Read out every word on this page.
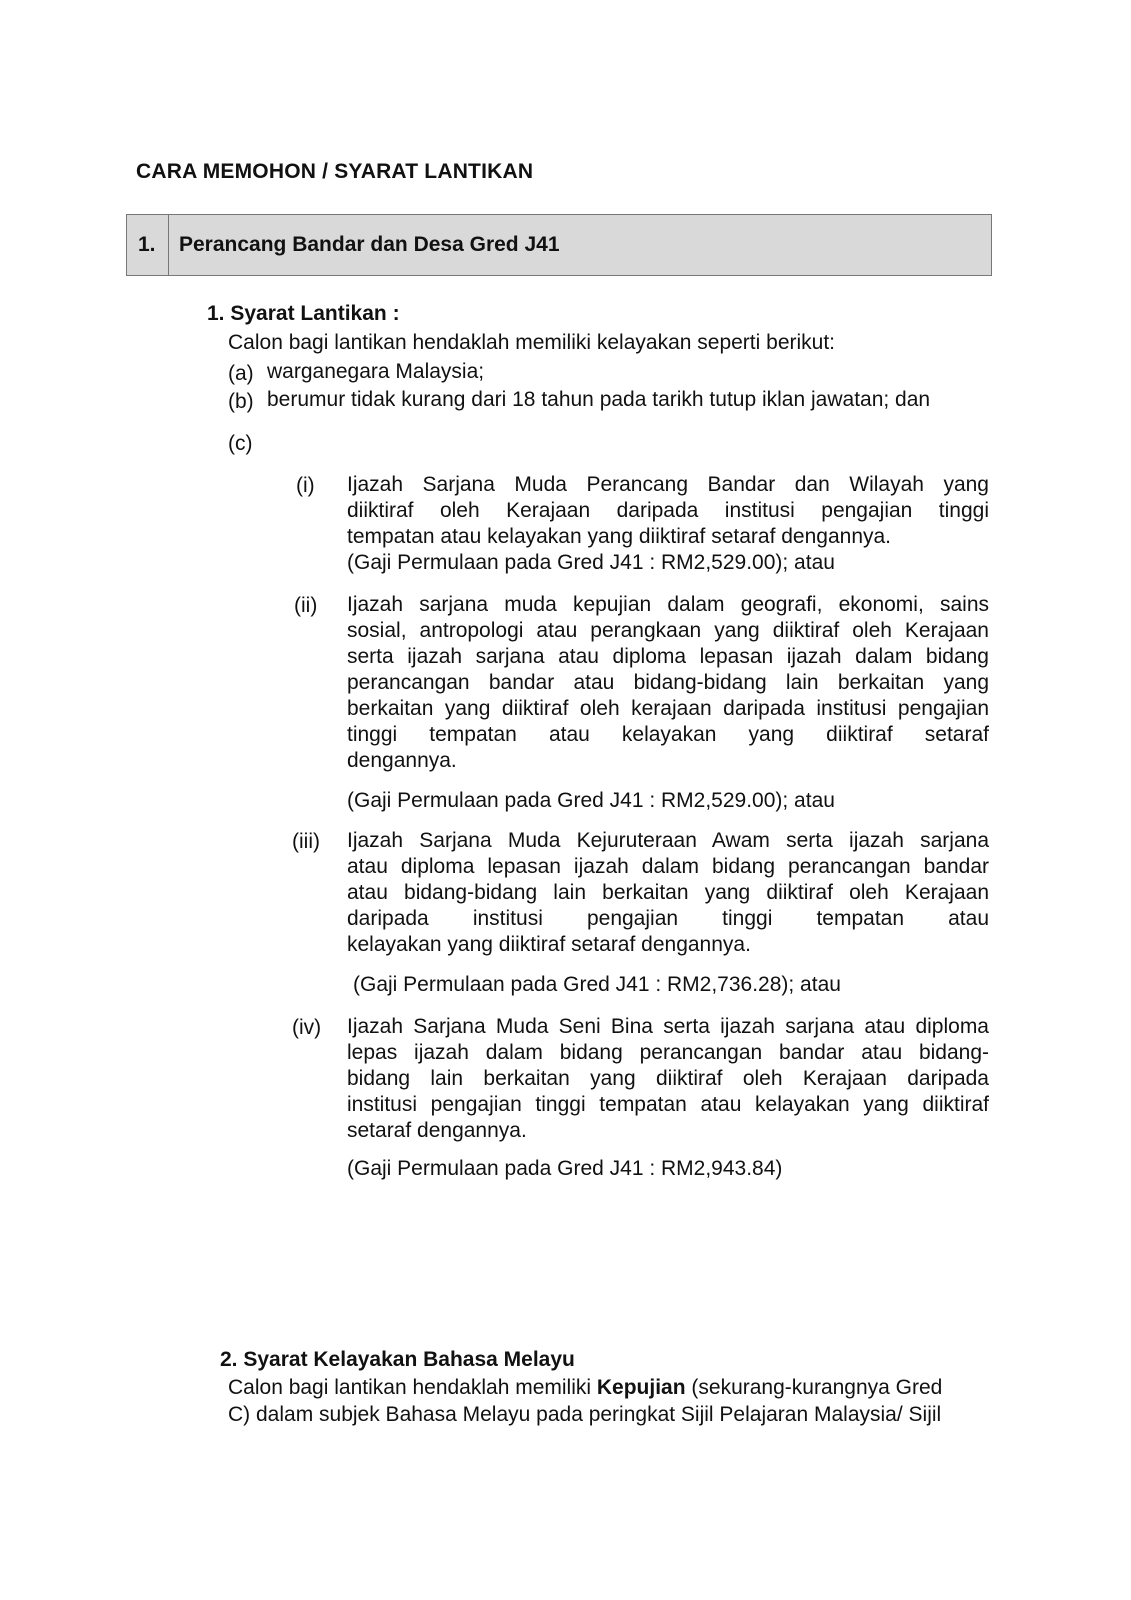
CARA MEMOHON / SYARAT LANTIKAN
1. Perancang Bandar dan Desa Gred J41
1. Syarat Lantikan :
Calon bagi lantikan hendaklah memiliki kelayakan seperti berikut:
(a) warganegara Malaysia;
(b) berumur tidak kurang dari 18 tahun pada tarikh tutup iklan jawatan; dan
(c)
(i) Ijazah Sarjana Muda Perancang Bandar dan Wilayah yang
diiktiraf oleh Kerajaan daripada institusi pengajian tinggi
tempatan atau kelayakan yang diiktiraf setaraf dengannya.
(Gaji Permulaan pada Gred J41 : RM2,529.00); atau
(ii) Ijazah sarjana muda kepujian dalam geografi, ekonomi, sains
sosial, antropologi atau perangkaan yang diiktiraf oleh Kerajaan
serta ijazah sarjana atau diploma lepasan ijazah dalam bidang
perancangan bandar atau bidang-bidang lain berkaitan yang
berkaitan yang diiktiraf oleh kerajaan daripada institusi pengajian
tinggi tempatan atau kelayakan yang diiktiraf setaraf
dengannya.
(Gaji Permulaan pada Gred J41 : RM2,529.00); atau
(iii) Ijazah Sarjana Muda Kejuruteraan Awam serta ijazah sarjana
atau diploma lepasan ijazah dalam bidang perancangan bandar
atau bidang-bidang lain berkaitan yang diiktiraf oleh Kerajaan
daripada institusi pengajian tinggi tempatan atau
kelayakan yang diiktiraf setaraf dengannya.
(Gaji Permulaan pada Gred J41 : RM2,736.28); atau
(iv) Ijazah Sarjana Muda Seni Bina serta ijazah sarjana atau diploma
lepas ijazah dalam bidang perancangan bandar atau bidang-
bidang lain berkaitan yang diiktiraf oleh Kerajaan daripada
institusi pengajian tinggi tempatan atau kelayakan yang diiktiraf
setaraf dengannya.
(Gaji Permulaan pada Gred J41 : RM2,943.84)
2. Syarat Kelayakan Bahasa Melayu
Calon bagi lantikan hendaklah memiliki Kepujian (sekurang-kurangnya Gred
C) dalam subjek Bahasa Melayu pada peringkat Sijil Pelajaran Malaysia/ Sijil
